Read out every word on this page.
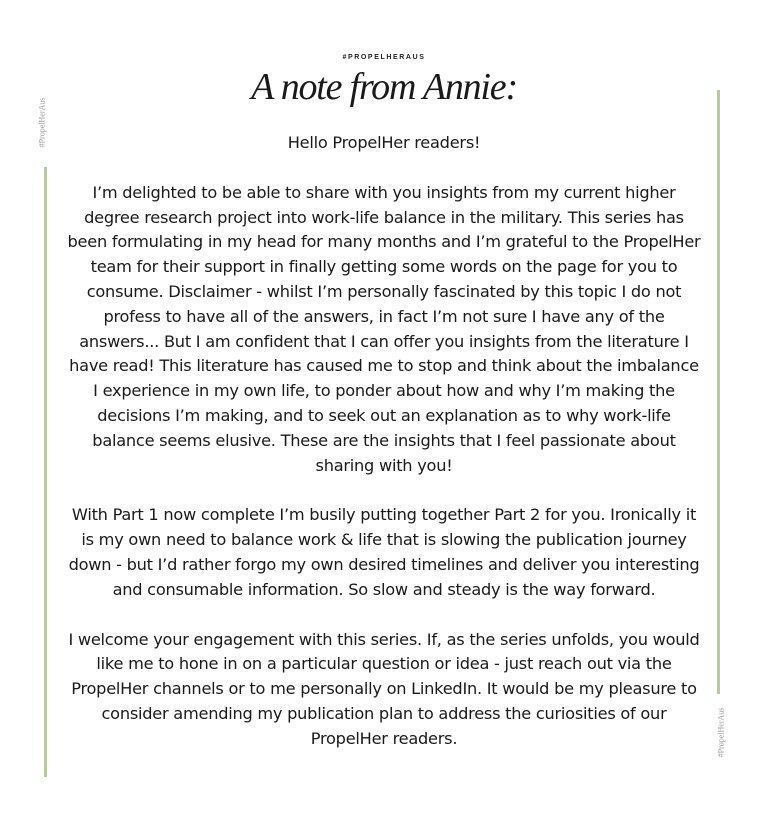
#PROPELHERAUS
A note from Annie:
#PropelHerAus
#PropelHerAus

Hello PropelHer readers!

I’m delighted to be able to share with you insights from my current higher degree research project into work-life balance in the military. This series has been formulating in my head for many months and I’m grateful to the PropelHer team for their support in finally getting some words on the page for you to consume. Disclaimer - whilst I’m personally fascinated by this topic I do not profess to have all of the answers, in fact I’m not sure I have any of the answers... But I am confident that I can offer you insights from the literature I have read! This literature has caused me to stop and think about the imbalance I experience in my own life, to ponder about how and why I’m making the decisions I’m making, and to seek out an explanation as to why work-life balance seems elusive. These are the insights that I feel passionate about sharing with you!

With Part 1 now complete I’m busily putting together Part 2 for you. Ironically it is my own need to balance work & life that is slowing the publication journey down - but I’d rather forgo my own desired timelines and deliver you interesting and consumable information. So slow and steady is the way forward.

I welcome your engagement with this series. If, as the series unfolds, you would like me to hone in on a particular question or idea - just reach out via the PropelHer channels or to me personally on LinkedIn. It would be my pleasure to consider amending my publication plan to address the curiosities of our PropelHer readers.
